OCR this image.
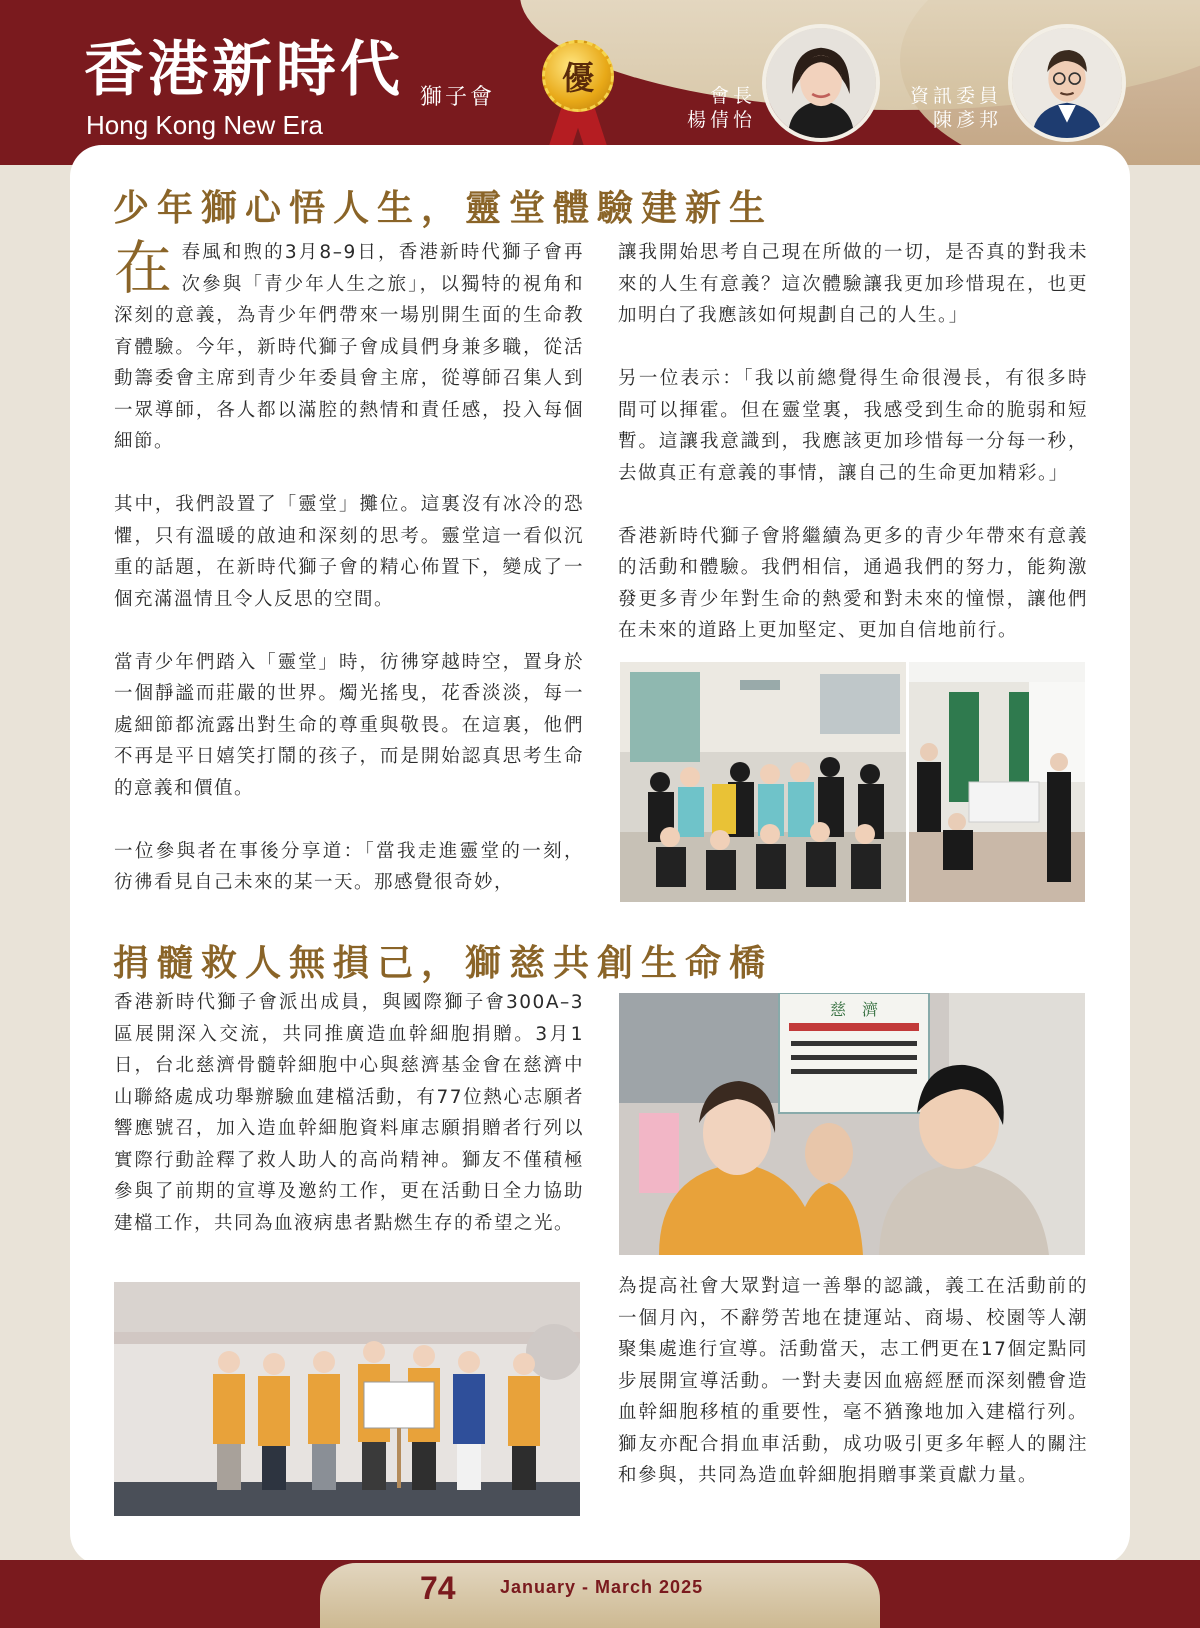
香港新時代 獅子會
Hong Kong New Era
優	會長
楊倩怡
資訊委員
陳彥邦
少年獅心悟人生，靈堂體驗建新生

在春風和煦的3月8–9日，香港新時代獅子會再次參與「青少年人生之旅」，以獨特的視角和深刻的意義，為青少年們帶來一場別開生面的生命教育體驗。今年，新時代獅子會成員們身兼多職，從活動籌委會主席到青少年委員會主席，從導師召集人到一眾導師，各人都以滿腔的熱情和責任感，投入每個細節。

其中，我們設置了「靈堂」攤位。這裏沒有冰冷的恐懼，只有溫暖的啟迪和深刻的思考。靈堂這一看似沉重的話題，在新時代獅子會的精心佈置下，變成了一個充滿溫情且令人反思的空間。

當青少年們踏入「靈堂」時，彷彿穿越時空，置身於一個靜謐而莊嚴的世界。燭光搖曳，花香淡淡，每一處細節都流露出對生命的尊重與敬畏。在這裏，他們不再是平日嬉笑打鬧的孩子，而是開始認真思考生命的意義和價值。

一位參與者在事後分享道：「當我走進靈堂的一刻，彷彿看見自己未來的某一天。那感覺很奇妙，

讓我開始思考自己現在所做的一切，是否真的對我未來的人生有意義？這次體驗讓我更加珍惜現在，也更加明白了我應該如何規劃自己的人生。」

另一位表示：「我以前總覺得生命很漫長，有很多時間可以揮霍。但在靈堂裏，我感受到生命的脆弱和短暫。這讓我意識到，我應該更加珍惜每一分每一秒，去做真正有意義的事情，讓自己的生命更加精彩。」

香港新時代獅子會將繼續為更多的青少年帶來有意義的活動和體驗。我們相信，通過我們的努力，能夠激發更多青少年對生命的熱愛和對未來的憧憬，讓他們在未來的道路上更加堅定、更加自信地前行。

捐髓救人無損己，獅慈共創生命橋

香港新時代獅子會派出成員，與國際獅子會300A–3區展開深入交流，共同推廣造血幹細胞捐贈。3月1日，台北慈濟骨髓幹細胞中心與慈濟基金會在慈濟中山聯絡處成功舉辦驗血建檔活動，有77位熱心志願者響應號召，加入造血幹細胞資料庫志願捐贈者行列以實際行動詮釋了救人助人的高尚精神。獅友不僅積極參與了前期的宣導及邀約工作，更在活動日全力協助建檔工作，共同為血液病患者點燃生存的希望之光。

慈　濟

為提高社會大眾對這一善舉的認識，義工在活動前的一個月內，不辭勞苦地在捷運站、商場、校園等人潮聚集處進行宣導。活動當天，志工們更在17個定點同步展開宣導活動。一對夫妻因血癌經歷而深刻體會造血幹細胞移植的重要性，毫不猶豫地加入建檔行列。獅友亦配合捐血車活動，成功吸引更多年輕人的關注和參與，共同為造血幹細胞捐贈事業貢獻力量。

74 January - March 2025
